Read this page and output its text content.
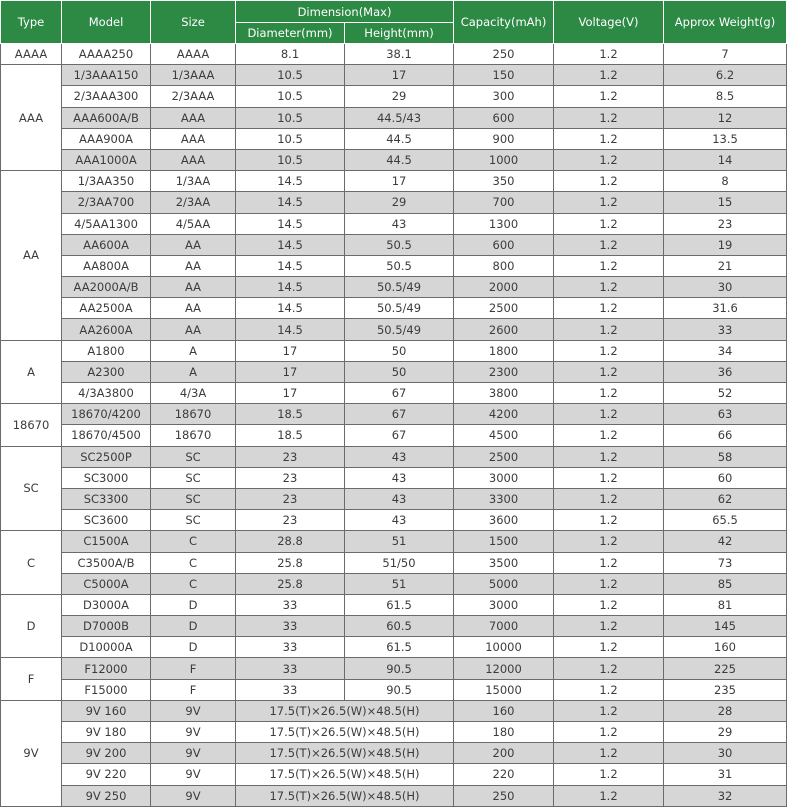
Type	Model	Size	Dimension(Max)		Capacity(mAh)	Voltage(V)	Approx Weight(g)
			Diameter(mm)	Height(mm)			
AAAA	AAAA250	AAAA	8.1	38.1	250	1.2	7
AAA	1/3AAA150	1/3AAA	10.5	17	150	1.2	6.2
	2/3AAA300	2/3AAA	10.5	29	300	1.2	8.5
	AAA600A/B	AAA	10.5	44.5/43	600	1.2	12
	AAA900A	AAA	10.5	44.5	900	1.2	13.5
	AAA1000A	AAA	10.5	44.5	1000	1.2	14
AA	1/3AA350	1/3AA	14.5	17	350	1.2	8
	2/3AA700	2/3AA	14.5	29	700	1.2	15
	4/5AA1300	4/5AA	14.5	43	1300	1.2	23
	AA600A	AA	14.5	50.5	600	1.2	19
	AA800A	AA	14.5	50.5	800	1.2	21
	AA2000A/B	AA	14.5	50.5/49	2000	1.2	30
	AA2500A	AA	14.5	50.5/49	2500	1.2	31.6
	AA2600A	AA	14.5	50.5/49	2600	1.2	33
A	A1800	A	17	50	1800	1.2	34
	A2300	A	17	50	2300	1.2	36
	4/3A3800	4/3A	17	67	3800	1.2	52
18670	18670/4200	18670	18.5	67	4200	1.2	63
	18670/4500	18670	18.5	67	4500	1.2	66
SC	SC2500P	SC	23	43	2500	1.2	58
	SC3000	SC	23	43	3000	1.2	60
	SC3300	SC	23	43	3300	1.2	62
	SC3600	SC	23	43	3600	1.2	65.5
C	C1500A	C	28.8	51	1500	1.2	42
	C3500A/B	C	25.8	51/50	3500	1.2	73
	C5000A	C	25.8	51	5000	1.2	85
D	D3000A	D	33	61.5	3000	1.2	81
	D7000B	D	33	60.5	7000	1.2	145
	D10000A	D	33	61.5	10000	1.2	160
F	F12000	F	33	90.5	12000	1.2	225
	F15000	F	33	90.5	15000	1.2	235
9V	9V 160	9V	17.5(T)×26.5(W)×48.5(H)		160	1.2	28
	9V 180	9V	17.5(T)×26.5(W)×48.5(H)		180	1.2	29
	9V 200	9V	17.5(T)×26.5(W)×48.5(H)		200	1.2	30
	9V 220	9V	17.5(T)×26.5(W)×48.5(H)		220	1.2	31
	9V 250	9V	17.5(T)×26.5(W)×48.5(H)		250	1.2	32
